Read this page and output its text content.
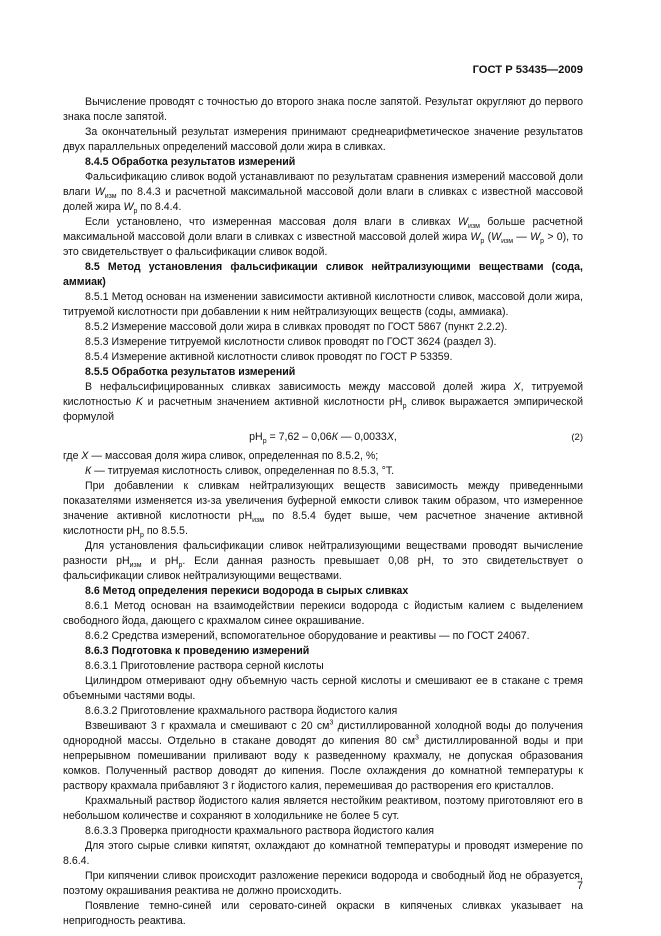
ГОСТ Р 53435—2009

Вычисление проводят с точностью до второго знака после запятой. Результат округляют до первого знака после запятой.

За окончательный результат измерения принимают среднеарифметическое значение результатов двух параллельных определений массовой доли жира в сливках.

8.4.5 Обработка результатов измерений

Фальсификацию сливок водой устанавливают по результатам сравнения измерений массовой доли влаги $W_{изм}$ по 8.4.3 и расчетной максимальной массовой доли влаги в сливках с известной массовой долей жира $W_р$ по 8.4.4.

Если установлено, что измеренная массовая доля влаги в сливках $W_{изм}$ больше расчетной максимальной массовой доли влаги в сливках с известной массовой долей жира $W_р$ ($W_{изм}$ — $W_р > 0$), то это свидетельствует о фальсификации сливок водой.

8.5 Метод установления фальсификации сливок нейтрализующими веществами (сода, аммиак)

8.5.1 Метод основан на изменении зависимости активной кислотности сливок, массовой доли жира, титруемой кислотности при добавлении к ним нейтрализующих веществ (соды, аммиака).

8.5.2 Измерение массовой доли жира в сливках проводят по ГОСТ 5867 (пункт 2.2.2).

8.5.3 Измерение титруемой кислотности сливок проводят по ГОСТ 3624 (раздел 3).

8.5.4 Измерение активной кислотности сливок проводят по ГОСТ Р 53359.

8.5.5 Обработка результатов измерений

В нефальсифицированных сливках зависимость между массовой долей жира X, титруемой кислотностью K и расчетным значением активной кислотности $рН_р$ сливок выражается эмпирической формулой

$рН_р = 7,62 - 0,06К$ — 0,0033X,	(2)

где X — массовая доля жира сливок, определенная по 8.5.2, %;

К — титруемая кислотность сливок, определенная по 8.5.3, °Т.

При добавлении к сливкам нейтрализующих веществ зависимость между приведенными показателями изменяется из-за увеличения буферной емкости сливок таким образом, что измеренное значение активной кислотности $рН_{изм}$ по 8.5.4 будет выше, чем расчетное значение активной кислотности $рН_р$ по 8.5.5.

Для установления фальсификации сливок нейтрализующими веществами проводят вычисление разности $рН_{изм}$ и $рН_р$. Если данная разность превышает 0,08 рН, то это свидетельствует о фальсификации сливок нейтрализующими веществами.

8.6 Метод определения перекиси водорода в сырых сливках

8.6.1 Метод основан на взаимодействии перекиси водорода с йодистым калием с выделением свободного йода, дающего с крахмалом синее окрашивание.

8.6.2 Средства измерений, вспомогательное оборудование и реактивы — по ГОСТ 24067.

8.6.3 Подготовка к проведению измерений

8.6.3.1 Приготовление раствора серной кислоты

Цилиндром отмеривают одну объемную часть серной кислоты и смешивают ее в стакане с тремя объемными частями воды.

8.6.3.2 Приготовление крахмального раствора йодистого калия

Взвешивают 3 г крахмала и смешивают с 20 $см^3$ дистиллированной холодной воды до получения однородной массы. Отдельно в стакане доводят до кипения 80 $см^3$ дистиллированной воды и при непрерывном помешивании приливают воду к разведенному крахмалу, не допуская образования комков. Полученный раствор доводят до кипения. После охлаждения до комнатной температуры к раствору крахмала прибавляют 3 г йодистого калия, перемешивая до растворения его кристаллов.

Крахмальный раствор йодистого калия является нестойким реактивом, поэтому приготовляют его в небольшом количестве и сохраняют в холодильнике не более 5 сут.

8.6.3.3 Проверка пригодности крахмального раствора йодистого калия

Для этого сырые сливки кипятят, охлаждают до комнатной температуры и проводят измерение по 8.6.4.

При кипячении сливок происходит разложение перекиси водорода и свободный йод не образуется, поэтому окрашивания реактива не должно происходить.

Появление темно-синей или серовато-синей окраски в кипяченых сливках указывает на непригодность реактива.

7
